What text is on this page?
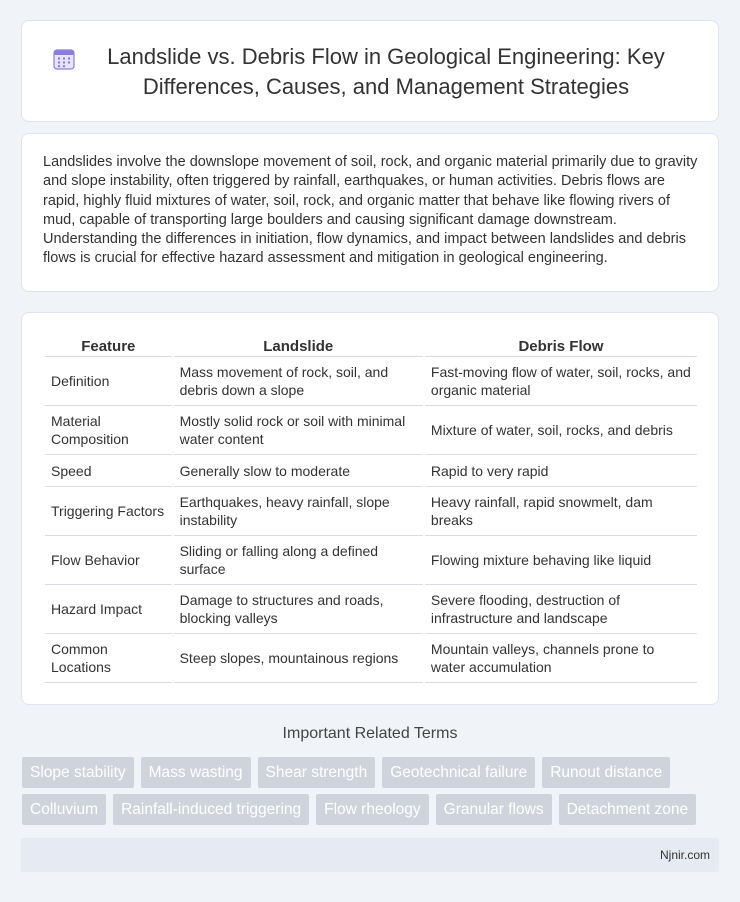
Landslide vs. Debris Flow in Geological Engineering: Key Differences, Causes, and Management Strategies

Landslides involve the downslope movement of soil, rock, and organic material primarily due to gravity and slope instability, often triggered by rainfall, earthquakes, or human activities. Debris flows are rapid, highly fluid mixtures of water, soil, rock, and organic matter that behave like flowing rivers of mud, capable of transporting large boulders and causing significant damage downstream. Understanding the differences in initiation, flow dynamics, and impact between landslides and debris flows is crucial for effective hazard assessment and mitigation in geological engineering.

Feature	Landslide	Debris Flow
Definition	Mass movement of rock, soil, and debris down a slope	Fast-moving flow of water, soil, rocks, and organic material
Material Composition	Mostly solid rock or soil with minimal water content	Mixture of water, soil, rocks, and debris
Speed	Generally slow to moderate	Rapid to very rapid
Triggering Factors	Earthquakes, heavy rainfall, slope instability	Heavy rainfall, rapid snowmelt, dam breaks
Flow Behavior	Sliding or falling along a defined surface	Flowing mixture behaving like liquid
Hazard Impact	Damage to structures and roads, blocking valleys	Severe flooding, destruction of infrastructure and landscape
Common Locations	Steep slopes, mountainous regions	Mountain valleys, channels prone to water accumulation
Important Related Terms
Slope stability	Mass wasting	Shear strength	Geotechnical failure	Runout distance
Colluvium	Rainfall-induced triggering	Flow rheology	Granular flows	Detachment zone
Njnir.com
